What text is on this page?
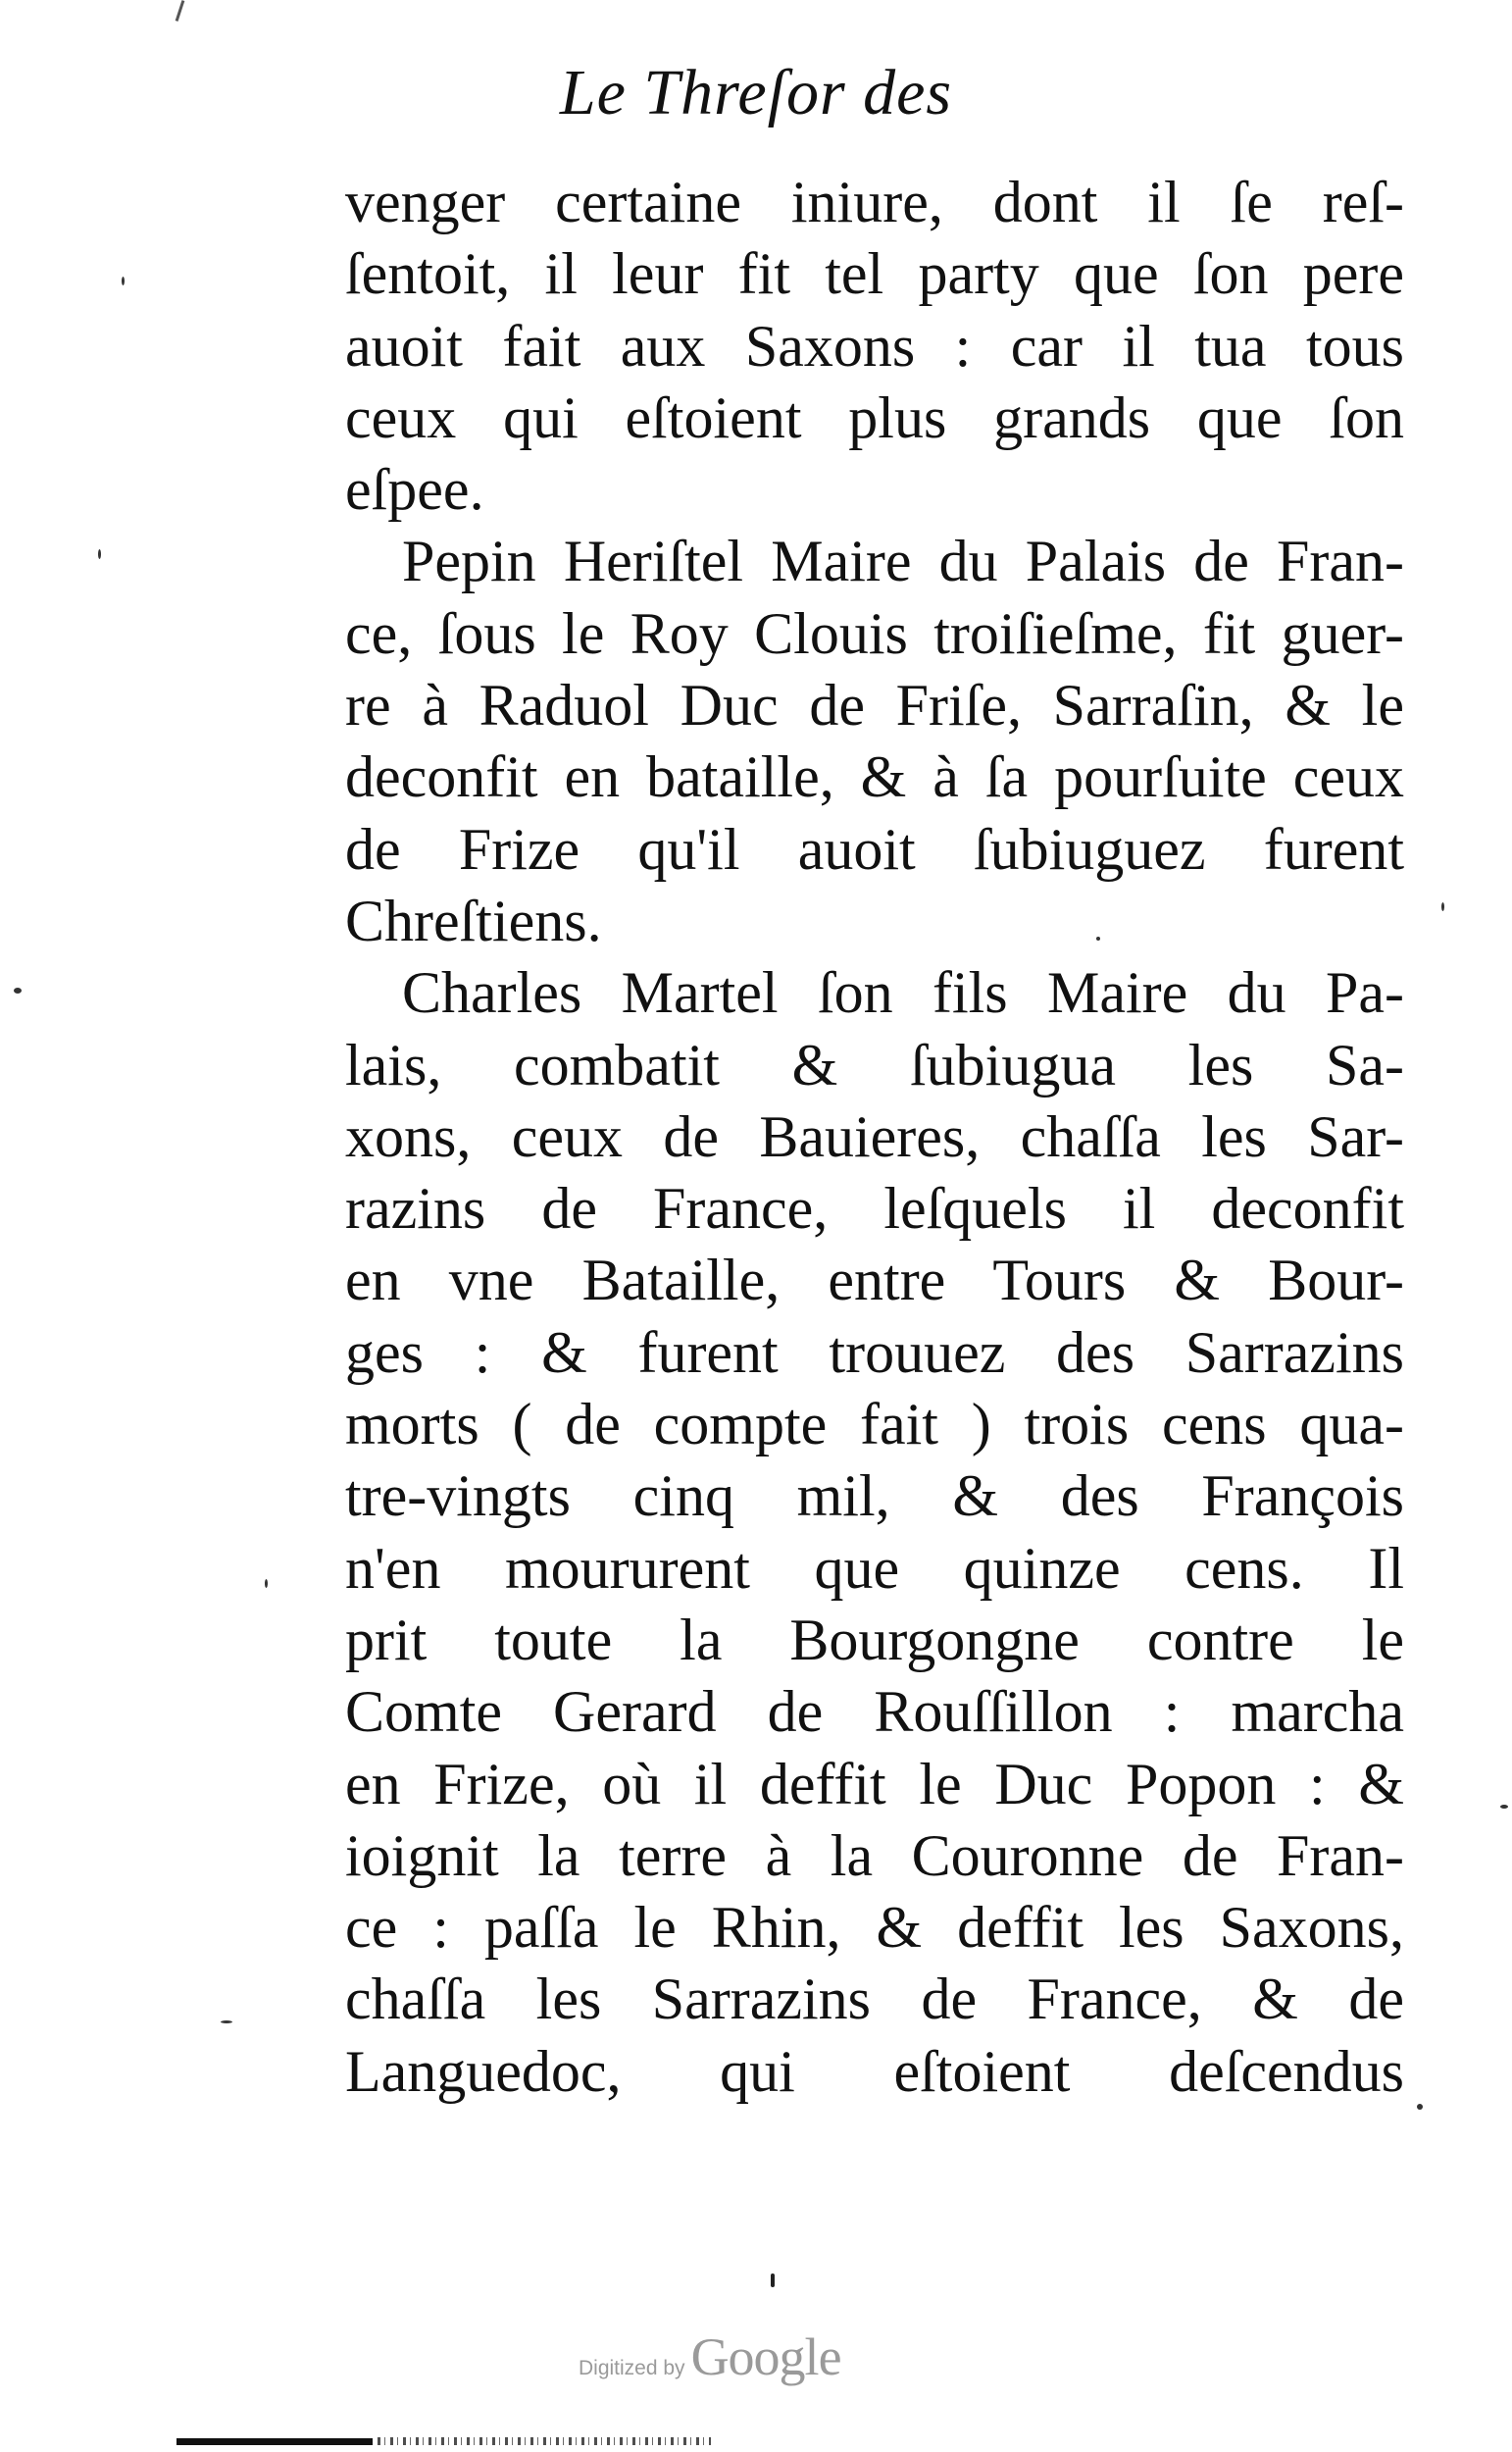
Le Threſor des
venger certaine iniure, dont il ſe reſ-
ſentoit, il leur fit tel party que ſon pere
auoit fait aux Saxons : car il tua tous
ceux qui eſtoient plus grands que ſon
eſpee.
Pepin Heriſtel Maire du Palais de Fran-
ce, ſous le Roy Clouis troiſieſme, fit guer-
re à Raduol Duc de Friſe, Sarraſin, & le
deconfit en bataille, & à ſa pourſuite ceux
de Frize qu'il auoit ſubiuguez furent
Chreſtiens.
Charles Martel ſon fils Maire du Pa-
lais, combatit & ſubiugua les Sa-
xons, ceux de Bauieres, chaſſa les Sar-
razins de France, leſquels il deconfit
en vne Bataille, entre Tours & Bour-
ges : & furent trouuez des Sarrazins
morts ( de compte fait ) trois cens qua-
tre-vingts cinq mil, & des François
n'en moururent que quinze cens. Il
prit toute la Bourgongne contre le
Comte Gerard de Rouſſillon : marcha
en Frize, où il deffit le Duc Popon : &
ioignit la terre à la Couronne de Fran-
ce : paſſa le Rhin, & deffit les Saxons,
chaſſa les Sarrazins de France, & de
Languedoc, qui eſtoient deſcendus
Digitized by Google
